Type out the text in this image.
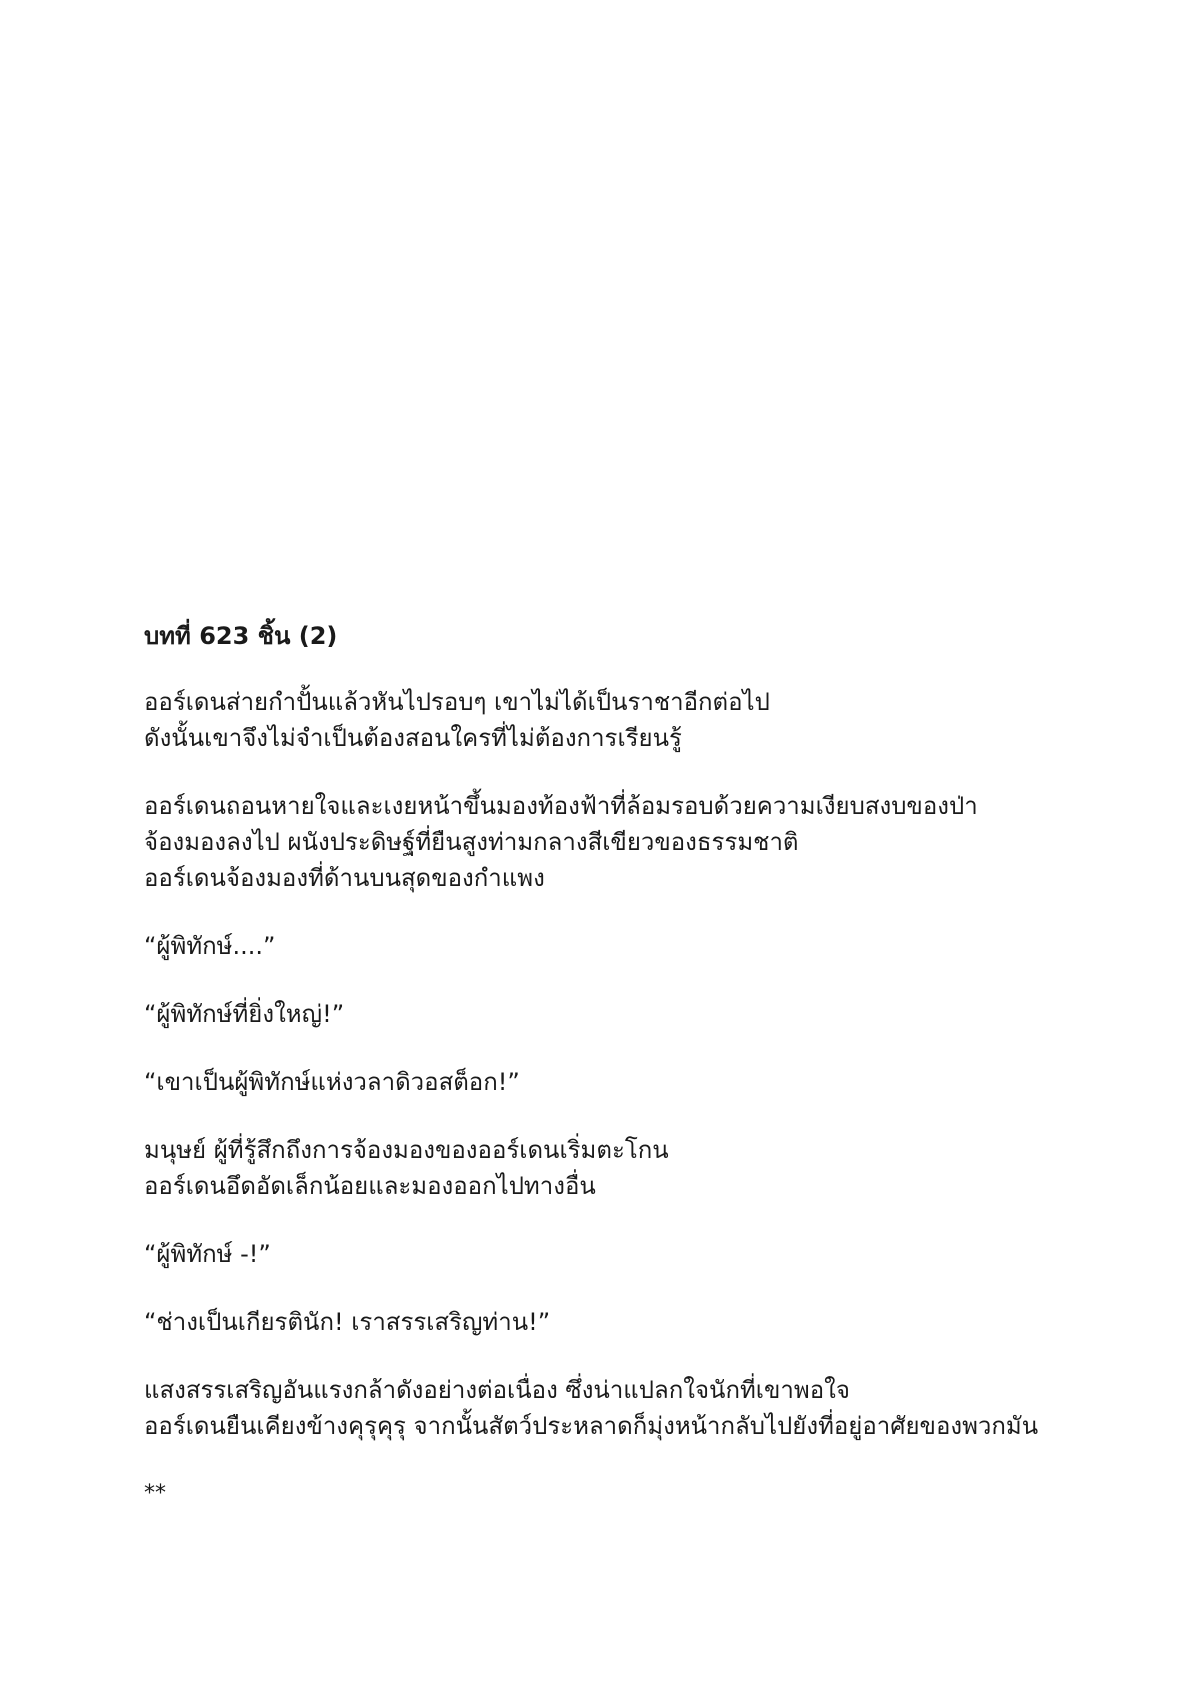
บทที่ 623 ชิ้น (2)
ออร์เดนส่ายกำปั้นแล้วหันไปรอบๆ เขาไม่ได้เป็นราชาอีกต่อไป
ดังนั้นเขาจึงไม่จำเป็นต้องสอนใครที่ไม่ต้องการเรียนรู้
ออร์เดนถอนหายใจและเงยหน้าขึ้นมองท้องฟ้าที่ล้อมรอบด้วยความเงียบสงบของป่า
จ้องมองลงไป ผนังประดิษฐ์ที่ยืนสูงท่ามกลางสีเขียวของธรรมชาติ
ออร์เดนจ้องมองที่ด้านบนสุดของกำแพง
“ผู้พิทักษ์....”
“ผู้พิทักษ์ที่ยิ่งใหญ่!”
“เขาเป็นผู้พิทักษ์แห่งวลาดิวอสต็อก!”
มนุษย์ ผู้ที่รู้สึกถึงการจ้องมองของออร์เดนเริ่มตะโกน
ออร์เดนอึดอัดเล็กน้อยและมองออกไปทางอื่น
“ผู้พิทักษ์ -!”
“ช่างเป็นเกียรตินัก! เราสรรเสริญท่าน!”
แสงสรรเสริญอันแรงกล้าดังอย่างต่อเนื่อง ซึ่งน่าแปลกใจนักที่เขาพอใจ
ออร์เดนยืนเคียงข้างคุรุคุรุ จากนั้นสัตว์ประหลาดก็มุ่งหน้ากลับไปยังที่อยู่อาศัยของพวกมัน
**
